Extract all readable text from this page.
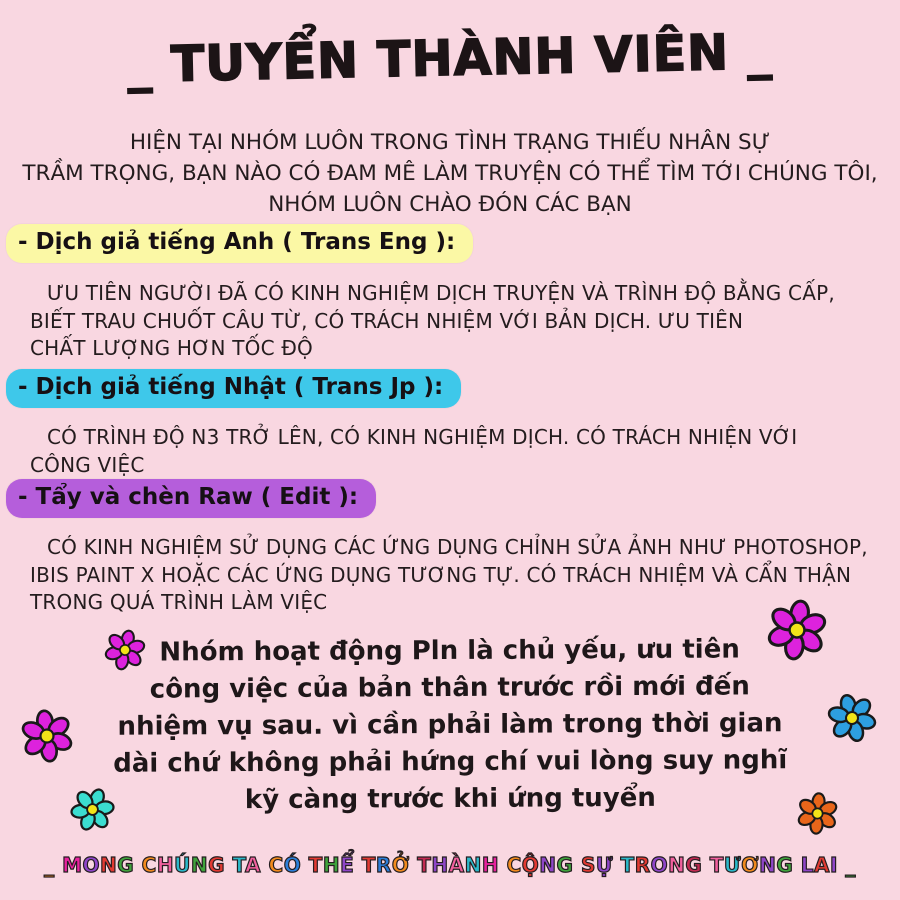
_ TUYỂN THÀNH VIÊN _
HIỆN TẠI NHÓM LUÔN TRONG TÌNH TRẠNG THIẾU NHÂN SỰ
TRẦM TRỌNG, BẠN NÀO CÓ ĐAM MÊ LÀM TRUYỆN CÓ THỂ TÌM TỚI CHÚNG TÔI,
NHÓM LUÔN CHÀO ĐÓN CÁC BẠN
- Dịch giả tiếng Anh ( Trans Eng ):
ƯU TIÊN NGƯỜI ĐÃ CÓ KINH NGHIỆM DỊCH TRUYỆN VÀ TRÌNH ĐỘ BẰNG CẤP,
BIẾT TRAU CHUỐT CÂU TỪ, CÓ TRÁCH NHIỆM VỚI BẢN DỊCH. ƯU TIÊN
CHẤT LƯỢNG HƠN TỐC ĐỘ
- Dịch giả tiếng Nhật ( Trans Jp ):
CÓ TRÌNH ĐỘ N3 TRỞ LÊN, CÓ KINH NGHIỆM DỊCH. CÓ TRÁCH NHIỆN VỚI
CÔNG VIỆC
- Tẩy và chèn Raw ( Edit ):
CÓ KINH NGHIỆM SỬ DỤNG CÁC ỨNG DỤNG CHỈNH SỬA ẢNH NHƯ PHOTOSHOP,
IBIS PAINT X HOẶC CÁC ỨNG DỤNG TƯƠNG TỰ. CÓ TRÁCH NHIỆM VÀ CẨN THẬN
TRONG QUÁ TRÌNH LÀM VIỆC
Nhóm hoạt động Pln là chủ yếu, ưu tiên
công việc của bản thân trước rồi mới đến
nhiệm vụ sau. vì cần phải làm trong thời gian
dài chứ không phải hứng chí vui lòng suy nghĩ
kỹ càng trước khi ứng tuyển
_ MONG CHÚNG TA CÓ THỂ TRỞ THÀNH CỘNG SỰ TRONG TƯƠNG LAI _
